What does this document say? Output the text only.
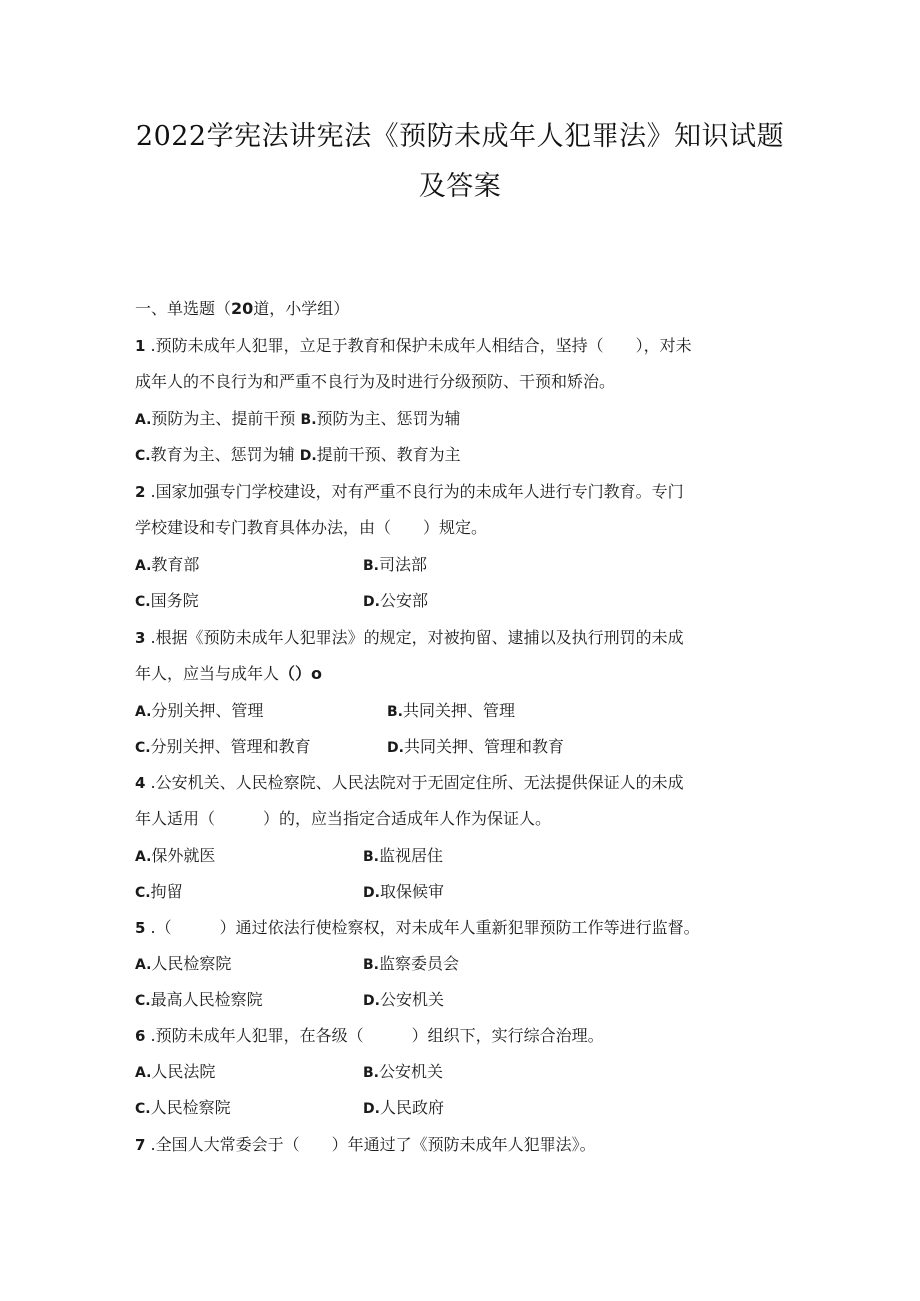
2022学宪法讲宪法《预防未成年人犯罪法》知识试题
及答案
一、单选题（20道，小学组）
1 .预防未成年人犯罪，立足于教育和保护未成年人相结合，坚持（　　），对未
成年人的不良行为和严重不良行为及时进行分级预防、干预和矫治。
A.预防为主、提前干预 B.预防为主、惩罚为辅
C.教育为主、惩罚为辅 D.提前干预、教育为主
2 .国家加强专门学校建设，对有严重不良行为的未成年人进行专门教育。专门
学校建设和专门教育具体办法，由（　　）规定。
A.教育部	B.司法部
C.国务院	D.公安部
3 .根据《预防未成年人犯罪法》的规定，对被拘留、逮捕以及执行刑罚的未成
年人，应当与成年人（）o
A.分别关押、管理	B.共同关押、管理
C.分别关押、管理和教育	D.共同关押、管理和教育
4 .公安机关、人民检察院、人民法院对于无固定住所、无法提供保证人的未成
年人适用（　　　）的，应当指定合适成年人作为保证人。
A.保外就医	B.监视居住
C.拘留	D.取保候审
5 .（　　　）通过依法行使检察权，对未成年人重新犯罪预防工作等进行监督。
A.人民检察院	B.监察委员会
C.最高人民检察院	D.公安机关
6 .预防未成年人犯罪，在各级（　　　）组织下，实行综合治理。
A.人民法院	B.公安机关
C.人民检察院	D.人民政府
7 .全国人大常委会于（　　）年通过了《预防未成年人犯罪法》。
